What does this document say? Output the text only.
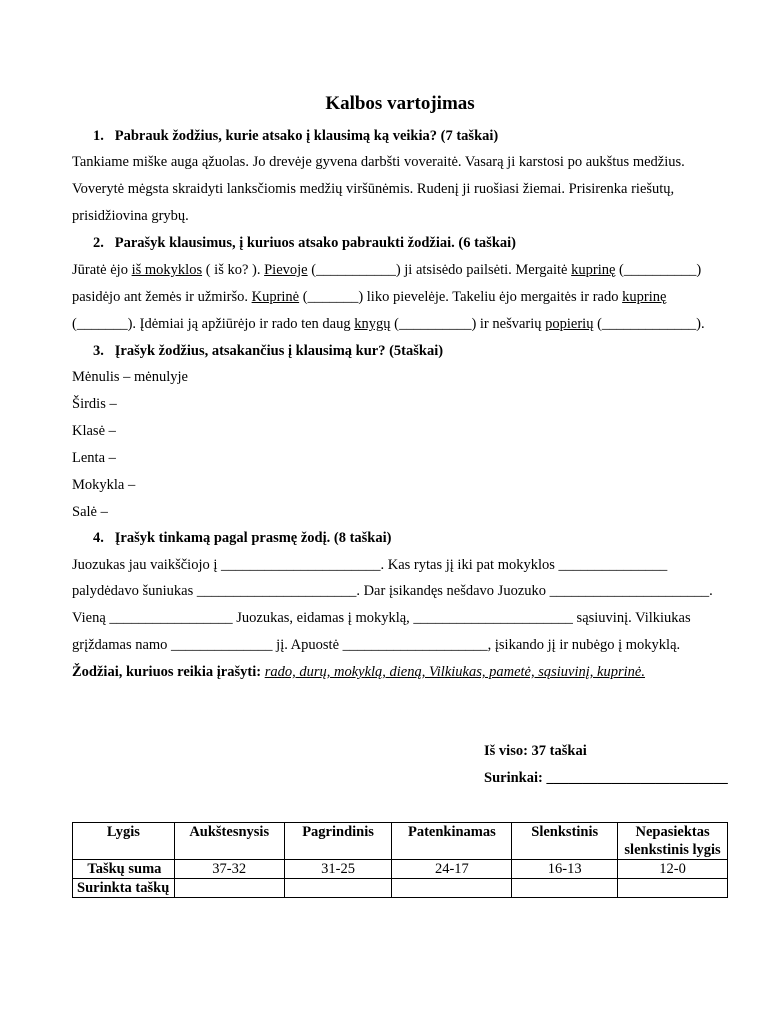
Kalbos vartojimas
1.   Pabrauk žodžius, kurie atsako į klausimą ką veikia? (7 taškai)
Tankiame miške auga ąžuolas. Jo drevėje gyvena darbšti voveraitė. Vasarą ji karstosi po aukštus medžius.
Voverytė mėgsta skraidyti lanksčiomis medžių viršūnėmis. Rudenį ji ruošiasi žiemai. Prisirenka riešutų,
prisidžiovina grybų.
2.   Parašyk klausimus, į kuriuos atsako pabraukti žodžiai. (6 taškai)
Jūratė ėjo iš mokyklos ( iš ko? ). Pievoje (___________) ji atsisėdo pailsėti. Mergaitė kuprinę (__________)
pasidėjo ant žemės ir užmiršo. Kuprinė (_______) liko pievelėje. Takeliu ėjo mergaitės ir rado kuprinę
(_______). Įdėmiai ją apžiūrėjo ir rado ten daug knygų (__________) ir nešvarių popierių (_____________).
3.   Įrašyk žodžius, atsakančius į klausimą kur? (5taškai)
Mėnulis – mėnulyje
Širdis –
Klasė –
Lenta –
Mokykla –
Salė –
4.   Įrašyk tinkamą pagal prasmę žodį. (8 taškai)
Juozukas jau vaikščiojo į ______________________. Kas rytas jį iki pat mokyklos _______________
palydėdavo šuniukas ______________________. Dar įsikandęs nešdavo Juozuko ______________________.
Vieną _________________ Juozukas, eidamas į mokyklą, ______________________ sąsiuvinį. Vilkiukas
grįždamas namo ______________ jį. Apuostė ____________________, įsikando jį ir nubėgo į mokyklą.
Žodžiai, kuriuos reikia įrašyti: rado, durų, mokyklą, dieną, Vilkiukas, pametė, sąsiuvinį, kuprinė.
Iš viso: 37 taškai
Surinkai: _________________________
Lygis	Aukštesnysis	Pagrindinis	Patenkinamas	Slenkstinis	Nepasiektas slenkstinis lygis
Taškų suma	37-32	31-25	24-17	16-13	12-0
Surinkta taškų					
